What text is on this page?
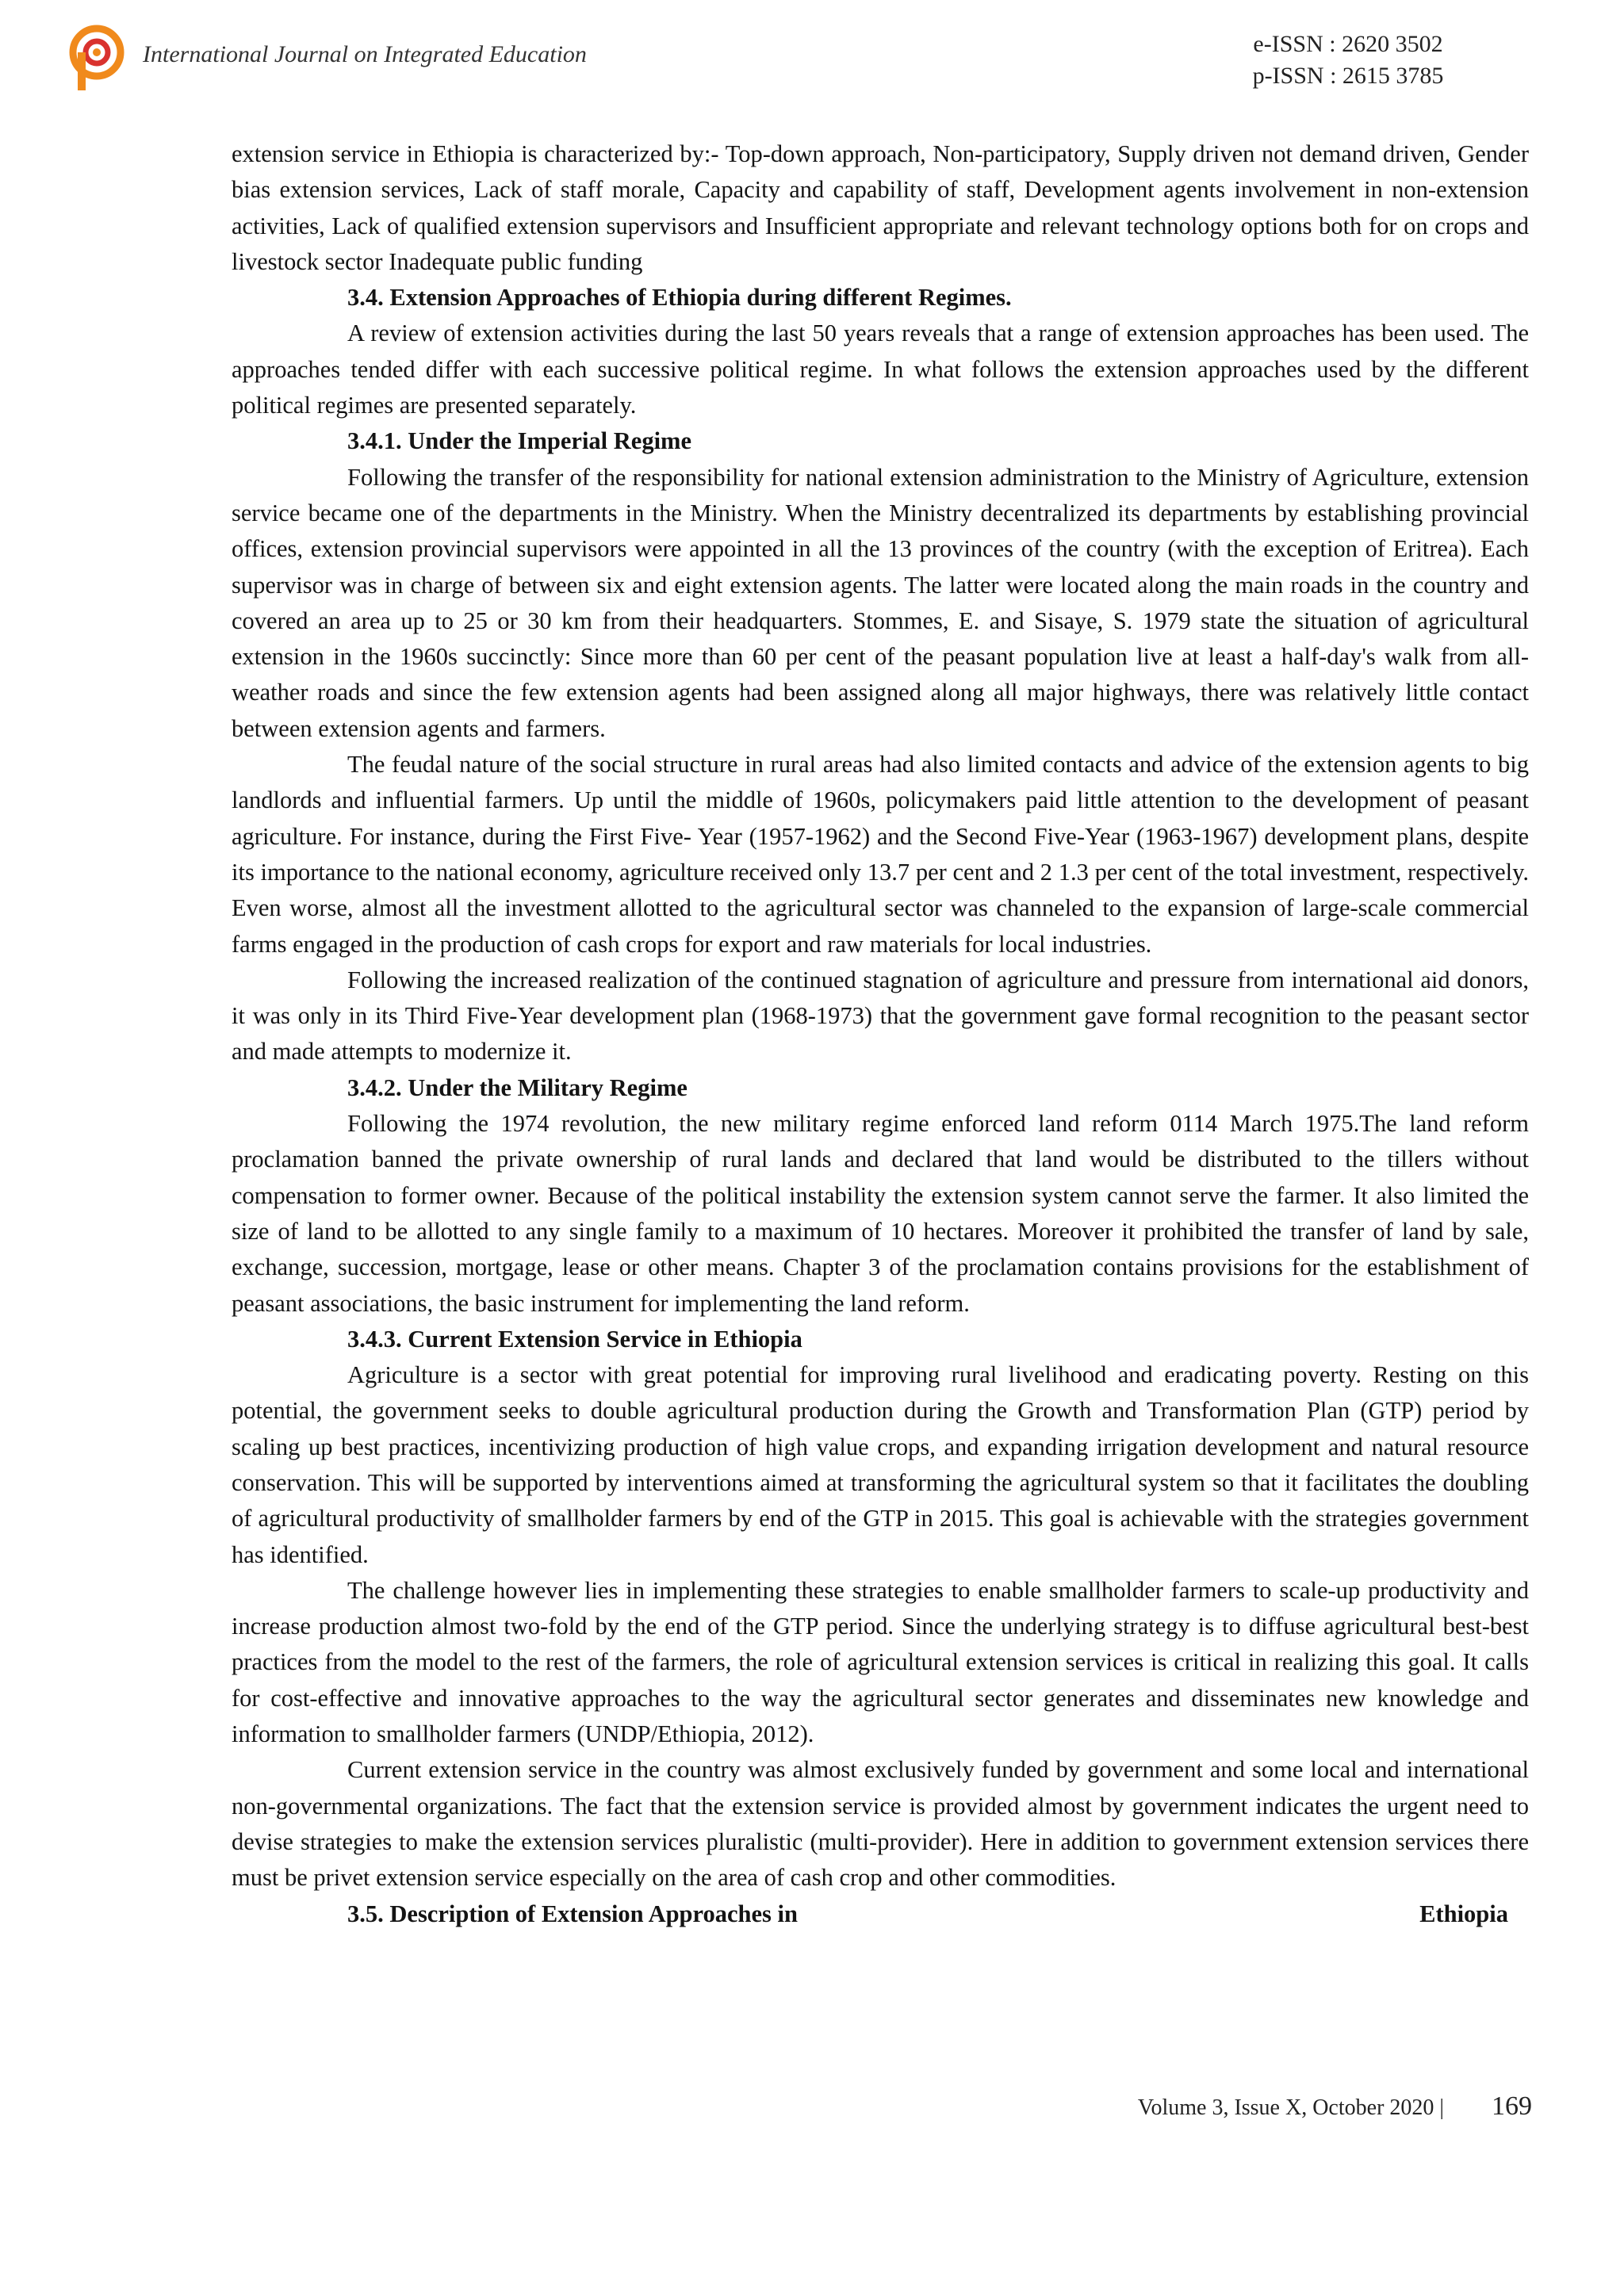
International Journal on Integrated Education	e-ISSN : 2620 3502
p-ISSN : 2615 3785

extension service in Ethiopia is characterized by:- Top-down approach, Non-participatory, Supply driven not demand driven, Gender bias extension services, Lack of staff morale, Capacity and capability of staff, Development agents involvement in non-extension activities, Lack of qualified extension supervisors and Insufficient appropriate and relevant technology options both for on crops and livestock sector Inadequate public funding

3.4. Extension Approaches of Ethiopia during different Regimes.

A review of extension activities during the last 50 years reveals that a range of extension approaches has been used. The approaches tended differ with each successive political regime. In what follows the extension approaches used by the different political regimes are presented separately.

3.4.1. Under the Imperial Regime

Following the transfer of the responsibility for national extension administration to the Ministry of Agriculture, extension service became one of the departments in the Ministry. When the Ministry decentralized its departments by establishing provincial offices, extension provincial supervisors were appointed in all the 13 provinces of the country (with the exception of Eritrea). Each supervisor was in charge of between six and eight extension agents. The latter were located along the main roads in the country and covered an area up to 25 or 30 km from their headquarters. Stommes, E. and Sisaye, S. 1979 state the situation of agricultural extension in the 1960s succinctly: Since more than 60 per cent of the peasant population live at least a half-day's walk from all-weather roads and since the few extension agents had been assigned along all major highways, there was relatively little contact between extension agents and farmers.

The feudal nature of the social structure in rural areas had also limited contacts and advice of the extension agents to big landlords and influential farmers. Up until the middle of 1960s, policymakers paid little attention to the development of peasant agriculture. For instance, during the First Five- Year (1957-1962) and the Second Five-Year (1963-1967) development plans, despite its importance to the national economy, agriculture received only 13.7 per cent and 2 1.3 per cent of the total investment, respectively. Even worse, almost all the investment allotted to the agricultural sector was channeled to the expansion of large-scale commercial farms engaged in the production of cash crops for export and raw materials for local industries.

Following the increased realization of the continued stagnation of agriculture and pressure from international aid donors, it was only in its Third Five-Year development plan (1968-1973) that the government gave formal recognition to the peasant sector and made attempts to modernize it.

3.4.2. Under the Military Regime

Following the 1974 revolution, the new military regime enforced land reform 0114 March 1975.The land reform proclamation banned the private ownership of rural lands and declared that land would be distributed to the tillers without compensation to former owner. Because of the political instability the extension system cannot serve the farmer. It also limited the size of land to be allotted to any single family to a maximum of 10 hectares. Moreover it prohibited the transfer of land by sale, exchange, succession, mortgage, lease or other means. Chapter 3 of the proclamation contains provisions for the establishment of peasant associations, the basic instrument for implementing the land reform.

3.4.3. Current Extension Service in Ethiopia

Agriculture is a sector with great potential for improving rural livelihood and eradicating poverty. Resting on this potential, the government seeks to double agricultural production during the Growth and Transformation Plan (GTP) period by scaling up best practices, incentivizing production of high value crops, and expanding irrigation development and natural resource conservation. This will be supported by interventions aimed at transforming the agricultural system so that it facilitates the doubling of agricultural productivity of smallholder farmers by end of the GTP in 2015. This goal is achievable with the strategies government has identified.

The challenge however lies in implementing these strategies to enable smallholder farmers to scale-up productivity and increase production almost two-fold by the end of the GTP period. Since the underlying strategy is to diffuse agricultural best-best practices from the model to the rest of the farmers, the role of agricultural extension services is critical in realizing this goal. It calls for cost-effective and innovative approaches to the way the agricultural sector generates and disseminates new knowledge and information to smallholder farmers (UNDP/Ethiopia, 2012).

Current extension service in the country was almost exclusively funded by government and some local and international non-governmental organizations. The fact that the extension service is provided almost by government indicates the urgent need to devise strategies to make the extension services pluralistic (multi-provider). Here in addition to government extension services there must be privet extension service especially on the area of cash crop and other commodities.

3.5. Description of Extension Approaches in	Ethiopia
Volume 3, Issue X, October 2020 | 169
